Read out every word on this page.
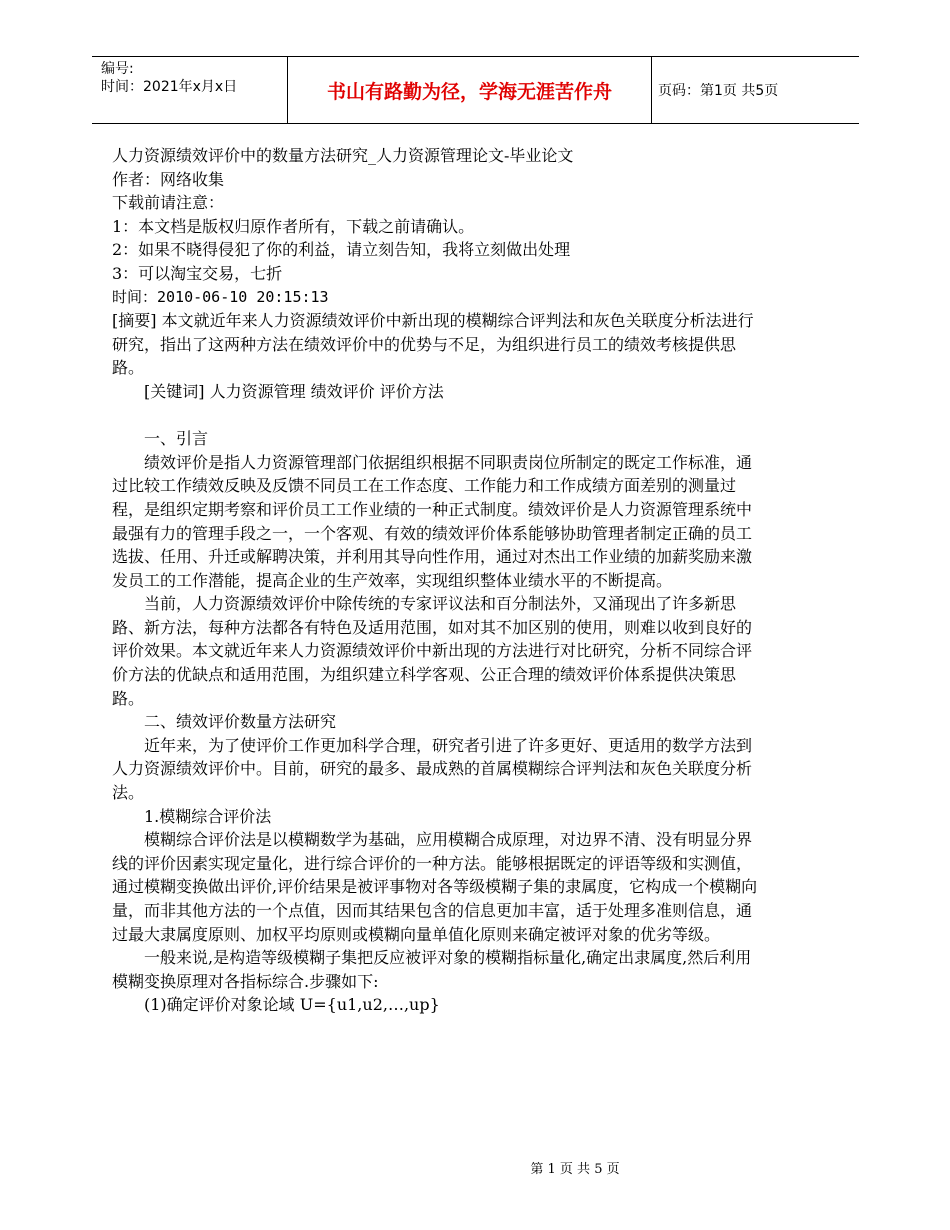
编号:
时间：2021年x月x日	书山有路勤为径，学海无涯苦作舟	页码：第1页 共5页

人力资源绩效评价中的数量方法研究_人力资源管理论文-毕业论文

作者：网络收集

下载前请注意：

1：本文档是版权归原作者所有，下载之前请确认。

2：如果不晓得侵犯了你的利益，请立刻告知，我将立刻做出处理

3：可以淘宝交易，七折

时间：2010-06-10 20:15:13

[摘要] 本文就近年来人力资源绩效评价中新出现的模糊综合评判法和灰色关联度分析法进行研究，指出了这两种方法在绩效评价中的优势与不足，为组织进行员工的绩效考核提供思路。

[关键词] 人力资源管理 绩效评价 评价方法

一、引言

绩效评价是指人力资源管理部门依据组织根据不同职责岗位所制定的既定工作标准，通过比较工作绩效反映及反馈不同员工在工作态度、工作能力和工作成绩方面差别的测量过程，是组织定期考察和评价员工工作业绩的一种正式制度。绩效评价是人力资源管理系统中最强有力的管理手段之一，一个客观、有效的绩效评价体系能够协助管理者制定正确的员工选拔、任用、升迁或解聘决策，并利用其导向性作用，通过对杰出工作业绩的加薪奖励来激发员工的工作潜能，提高企业的生产效率，实现组织整体业绩水平的不断提高。

当前，人力资源绩效评价中除传统的专家评议法和百分制法外，又涌现出了许多新思路、新方法，每种方法都各有特色及适用范围，如对其不加区别的使用，则难以收到良好的评价效果。本文就近年来人力资源绩效评价中新出现的方法进行对比研究，分析不同综合评价方法的优缺点和适用范围，为组织建立科学客观、公正合理的绩效评价体系提供决策思路。

二、绩效评价数量方法研究

近年来，为了使评价工作更加科学合理，研究者引进了许多更好、更适用的数学方法到人力资源绩效评价中。目前，研究的最多、最成熟的首属模糊综合评判法和灰色关联度分析法。

1.模糊综合评价法

模糊综合评价法是以模糊数学为基础，应用模糊合成原理，对边界不清、没有明显分界线的评价因素实现定量化，进行综合评价的一种方法。能够根据既定的评语等级和实测值，通过模糊变换做出评价,评价结果是被评事物对各等级模糊子集的隶属度，它构成一个模糊向量，而非其他方法的一个点值，因而其结果包含的信息更加丰富，适于处理多准则信息，通过最大隶属度原则、加权平均原则或模糊向量单值化原则来确定被评对象的优劣等级。

一般来说,是构造等级模糊子集把反应被评对象的模糊指标量化,确定出隶属度,然后利用模糊变换原理对各指标综合.步骤如下:

(1)确定评价对象论域 U={u1,u2,…,up}

第 1 页 共 5 页
